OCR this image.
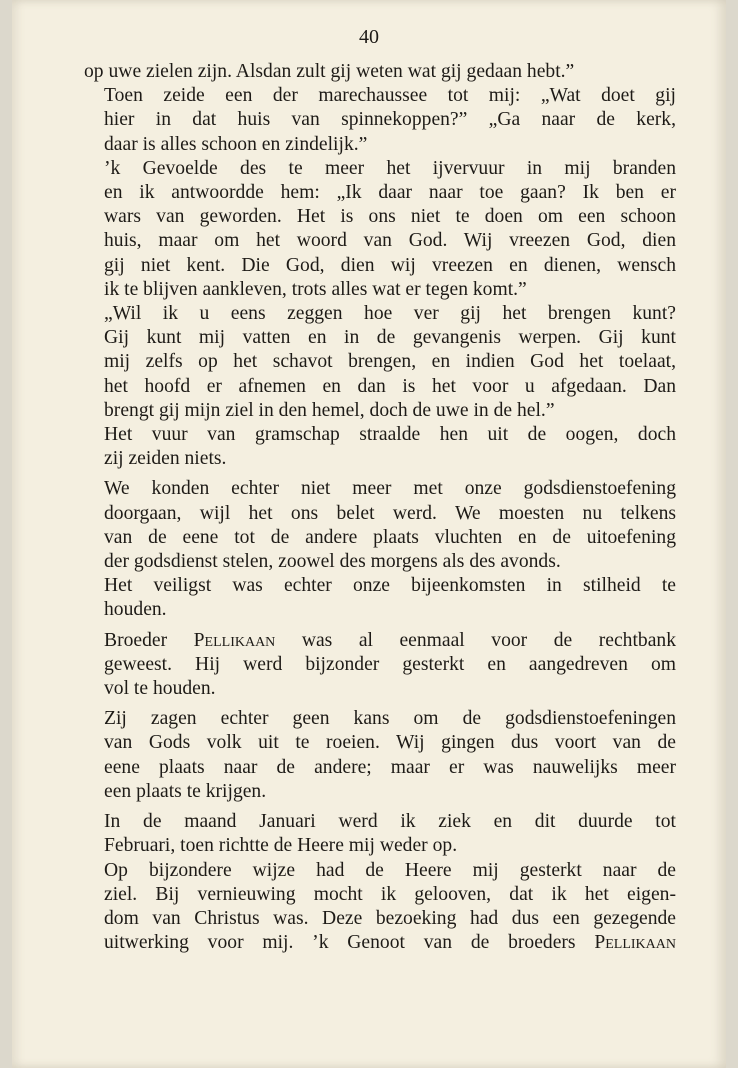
40

op uwe zielen zijn. Alsdan zult gij weten wat gij gedaan hebt.”

Toen zeide een der marechaussee tot mij: „Wat doet gij
hier in dat huis van spinnekoppen?” „Ga naar de kerk,
daar is alles schoon en zindelijk.”

’k Gevoelde des te meer het ijvervuur in mij branden
en ik antwoordde hem: „Ik daar naar toe gaan? Ik ben er
wars van geworden. Het is ons niet te doen om een schoon
huis, maar om het woord van God. Wij vreezen God, dien
gij niet kent. Die God, dien wij vreezen en dienen, wensch
ik te blijven aankleven, trots alles wat er tegen komt.”

„Wil ik u eens zeggen hoe ver gij het brengen kunt?
Gij kunt mij vatten en in de gevangenis werpen. Gij kunt
mij zelfs op het schavot brengen, en indien God het toelaat,
het hoofd er afnemen en dan is het voor u afgedaan. Dan
brengt gij mijn ziel in den hemel, doch de uwe in de hel.”

Het vuur van gramschap straalde hen uit de oogen, doch
zij zeiden niets.

We konden echter niet meer met onze godsdienstoefening
doorgaan, wijl het ons belet werd. We moesten nu telkens
van de eene tot de andere plaats vluchten en de uitoefening
der godsdienst stelen, zoowel des morgens als des avonds.

Het veiligst was echter onze bijeenkomsten in stilheid te
houden.

Broeder Pellikaan was al eenmaal voor de rechtbank
geweest. Hij werd bijzonder gesterkt en aangedreven om
vol te houden.

Zij zagen echter geen kans om de godsdienstoefeningen
van Gods volk uit te roeien. Wij gingen dus voort van de
eene plaats naar de andere; maar er was nauwelijks meer
een plaats te krijgen.

In de maand Januari werd ik ziek en dit duurde tot
Februari, toen richtte de Heere mij weder op.

Op bijzondere wijze had de Heere mij gesterkt naar de
ziel. Bij vernieuwing mocht ik gelooven, dat ik het eigen-
dom van Christus was. Deze bezoeking had dus een gezegende
uitwerking voor mij. ’k Genoot van de broeders Pellikaan
